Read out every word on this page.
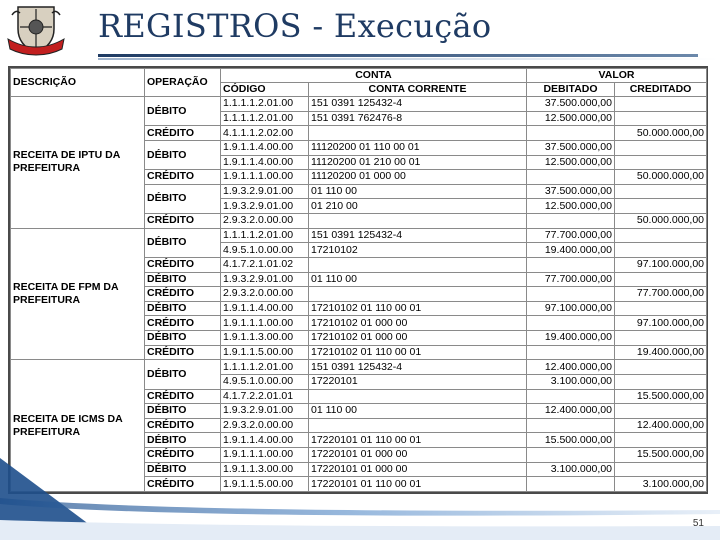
REGISTROS - Execução
DESCRIÇÃO	OPERAÇÃO	CONTA		VALOR	
		CÓDIGO	CONTA CORRENTE	DEBITADO	CREDITADO
RECEITA DE IPTU DA PREFEITURA	DÉBITO	1.1.1.1.2.01.00	151 0391 125432-4	37.500.000,00	
		1.1.1.1.2.01.00	151 0391 762476-8	12.500.000,00	
	CRÉDITO	4.1.1.1.2.02.00			50.000.000,00
	DÉBITO	1.9.1.1.4.00.00	11120200 01 110 00 01	37.500.000,00	
		1.9.1.1.4.00.00	11120200 01 210 00 01	12.500.000,00	
	CRÉDITO	1.9.1.1.1.00.00	11120200 01 000 00		50.000.000,00
	DÉBITO	1.9.3.2.9.01.00	01 110 00	37.500.000,00	
		1.9.3.2.9.01.00	01 210 00	12.500.000,00	
	CRÉDITO	2.9.3.2.0.00.00			50.000.000,00
RECEITA DE FPM DA PREFEITURA	DÉBITO	1.1.1.1.2.01.00	151 0391 125432-4	77.700.000,00	
		4.9.5.1.0.00.00	17210102	19.400.000,00	
	CRÉDITO	4.1.7.2.1.01.02			97.100.000,00
	DÉBITO	1.9.3.2.9.01.00	01 110 00	77.700.000,00	
	CRÉDITO	2.9.3.2.0.00.00			77.700.000,00
	DÉBITO	1.9.1.1.4.00.00	17210102 01 110 00 01	97.100.000,00	
	CRÉDITO	1.9.1.1.1.00.00	17210102 01 000 00		97.100.000,00
	DÉBITO	1.9.1.1.3.00.00	17210102 01 000 00	19.400.000,00	
	CRÉDITO	1.9.1.1.5.00.00	17210102 01 110 00 01		19.400.000,00
RECEITA DE ICMS DA PREFEITURA	DÉBITO	1.1.1.1.2.01.00	151 0391 125432-4	12.400.000,00	
		4.9.5.1.0.00.00	17220101	3.100.000,00	
	CRÉDITO	4.1.7.2.2.01.01			15.500.000,00
	DÉBITO	1.9.3.2.9.01.00	01 110 00	12.400.000,00	
	CRÉDITO	2.9.3.2.0.00.00			12.400.000,00
	DÉBITO	1.9.1.1.4.00.00	17220101 01 110 00 01	15.500.000,00	
	CRÉDITO	1.9.1.1.1.00.00	17220101 01 000 00		15.500.000,00
	DÉBITO	1.9.1.1.3.00.00	17220101 01 000 00	3.100.000,00	
	CRÉDITO	1.9.1.1.5.00.00	17220101 01 110 00 01		3.100.000,00
51
